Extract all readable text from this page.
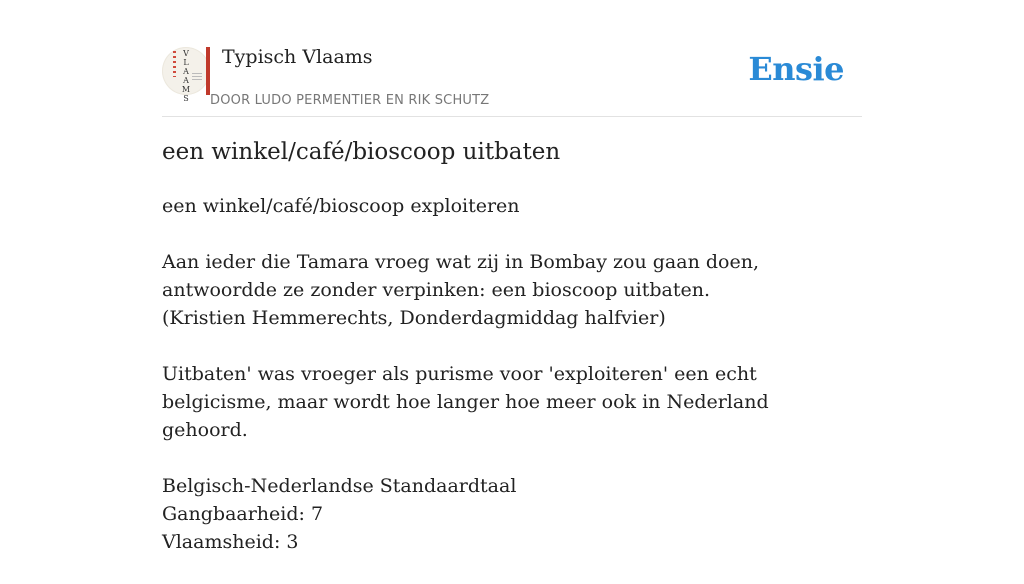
V
L
A
A
M
S
Typisch Vlaams
DOOR LUDO PERMENTIER EN RIK SCHUTZ
Ensie
een winkel/café/bioscoop uitbaten

een winkel/café/bioscoop exploiteren

Aan ieder die Tamara vroeg wat zij in Bombay zou gaan doen, antwoordde ze zonder verpinken: een bioscoop uitbaten.
(Kristien Hemmerechts, Donderdagmiddag halfvier)

Uitbaten' was vroeger als purisme voor 'exploiteren' een echt belgicisme, maar wordt hoe langer hoe meer ook in Nederland gehoord.

Belgisch-Nederlandse Standaardtaal
Gangbaarheid: 7
Vlaamsheid: 3
